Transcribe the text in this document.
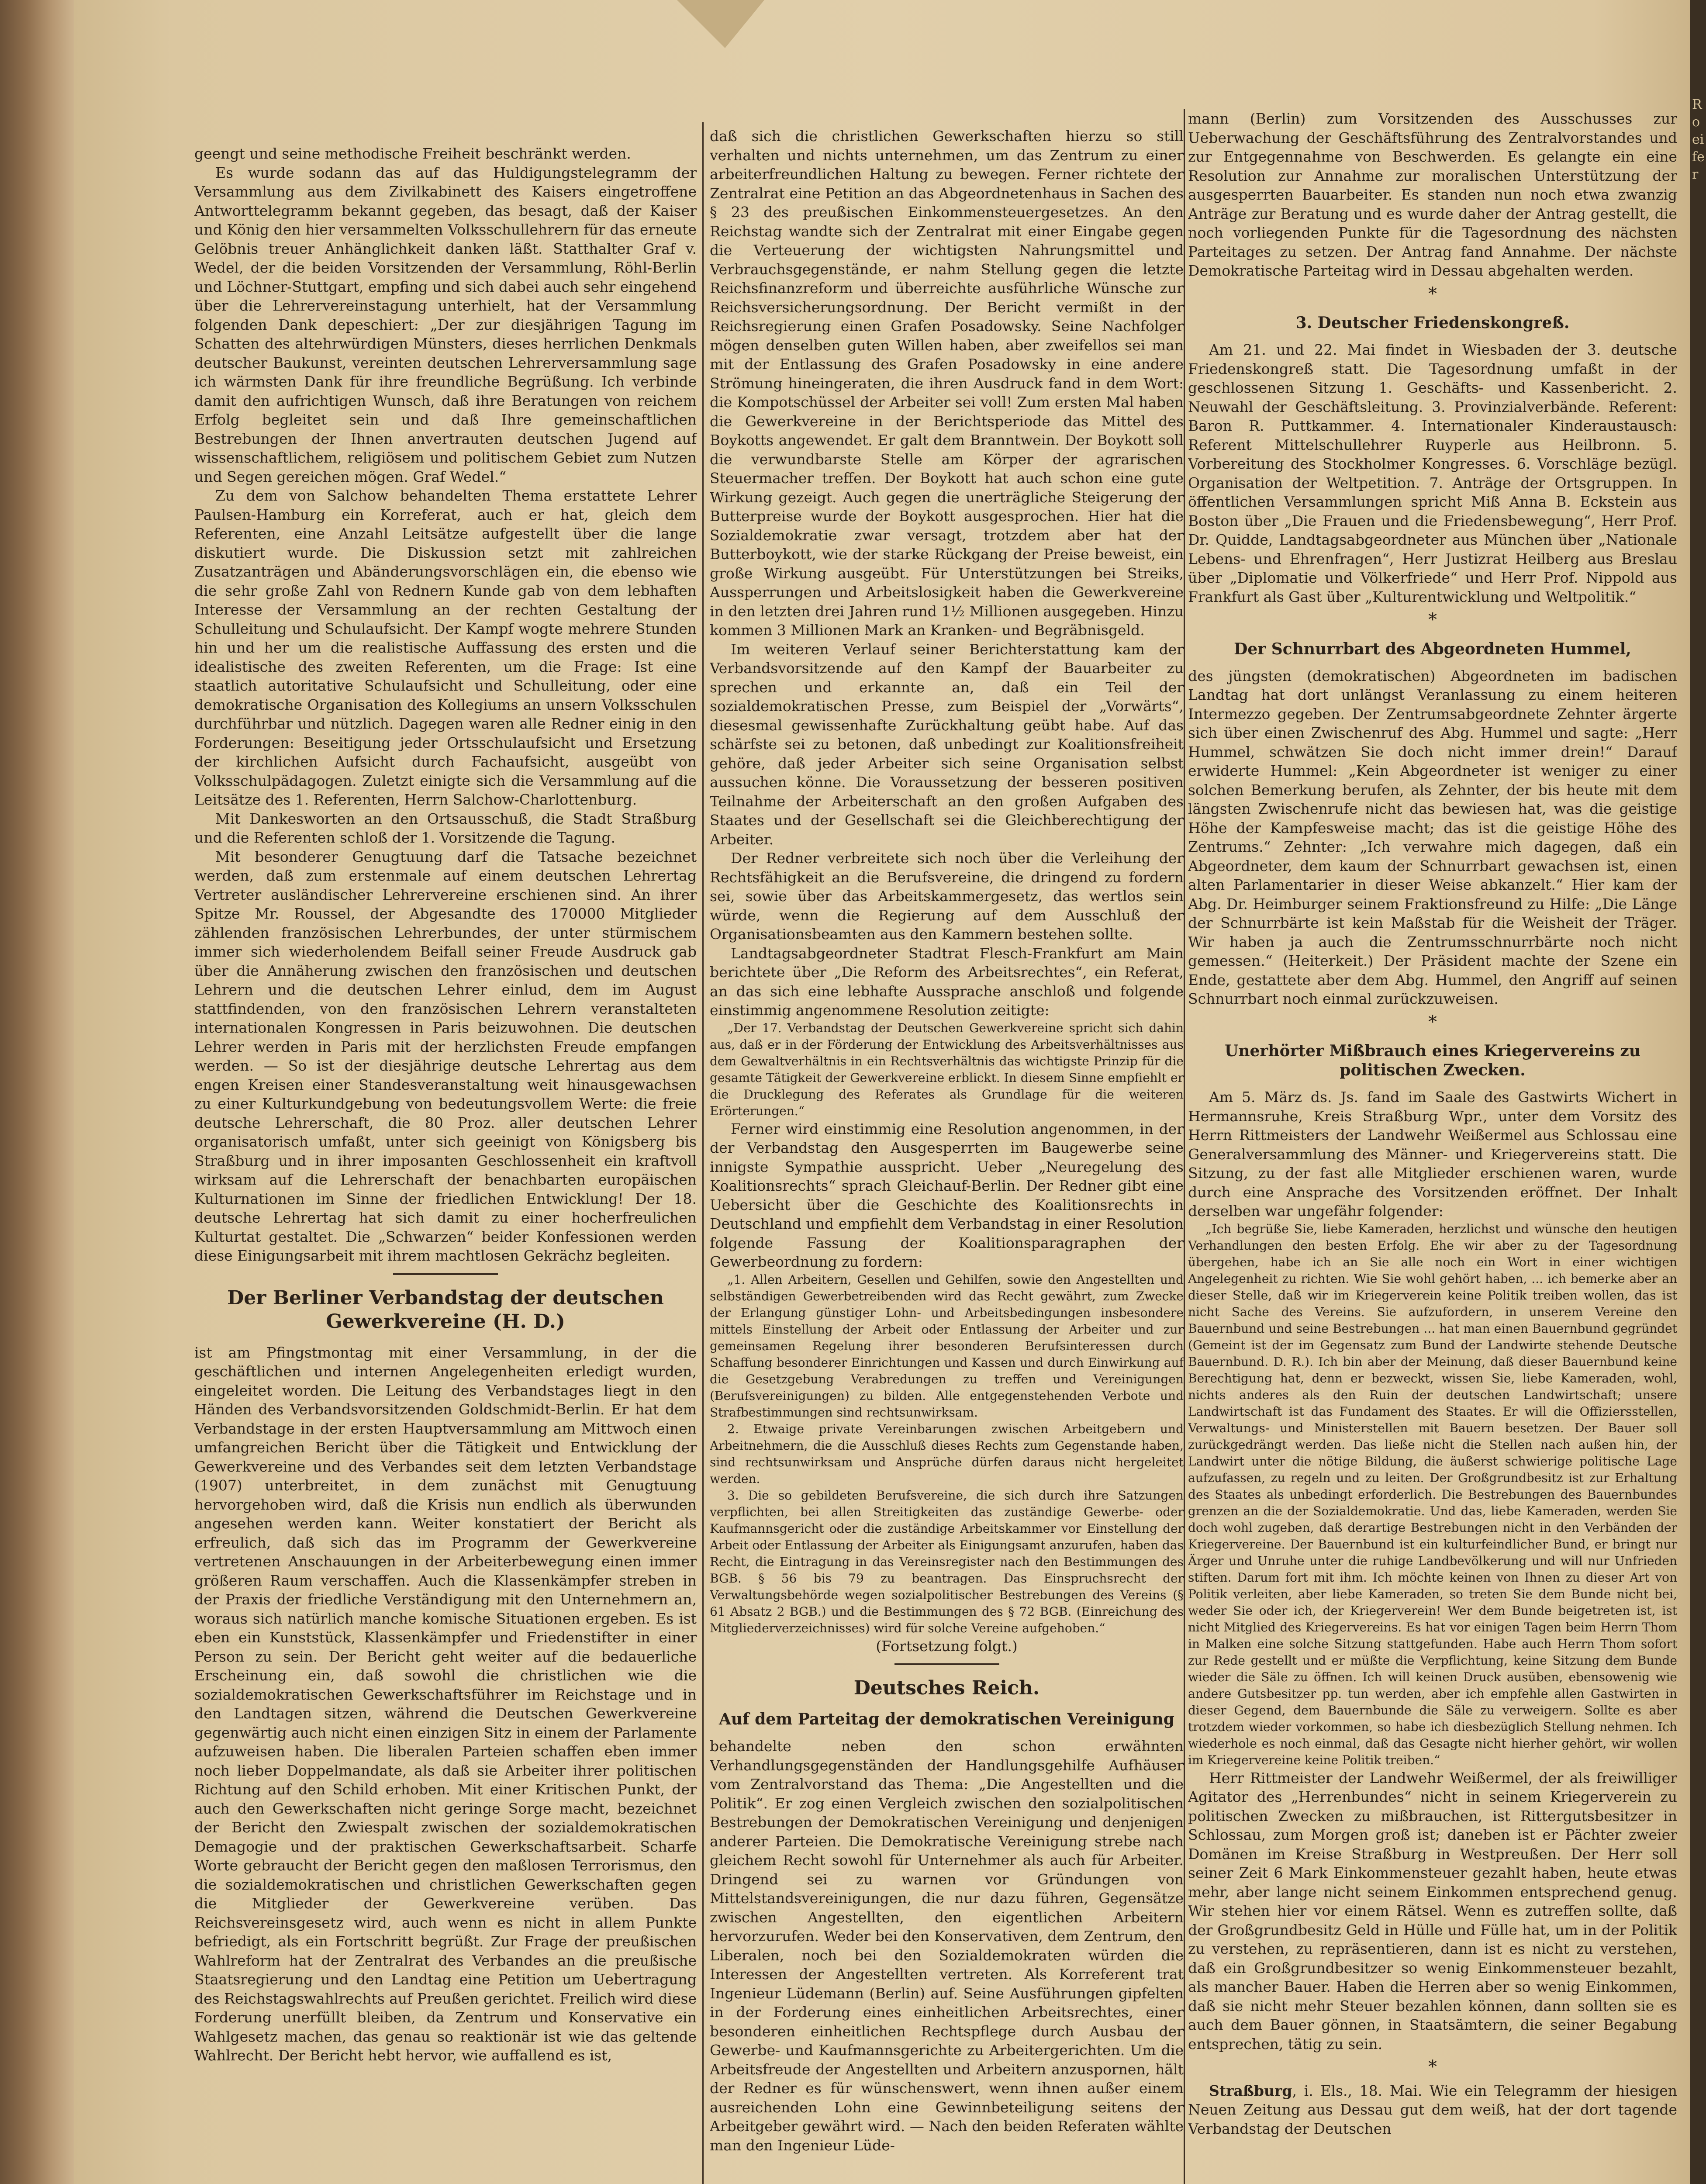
Ro ei fer

geengt und seine methodische Freiheit beschränkt werden.

Es wurde sodann das auf das Huldigungstelegramm der Versammlung aus dem Zivilkabinett des Kaisers eingetroffene Antworttelegramm bekannt gegeben, das besagt, daß der Kaiser und König den hier versammelten Volksschullehrern für das erneute Gelöbnis treuer Anhänglichkeit danken läßt. Statthalter Graf v. Wedel, der die beiden Vorsitzenden der Versammlung, Röhl-Berlin und Löchner-Stuttgart, empfing und sich dabei auch sehr eingehend über die Lehrervereinstagung unterhielt, hat der Versammlung folgenden Dank depeschiert: „Der zur diesjährigen Tagung im Schatten des altehrwürdigen Münsters, dieses herrlichen Denkmals deutscher Baukunst, vereinten deutschen Lehrerversammlung sage ich wärmsten Dank für ihre freundliche Begrüßung. Ich verbinde damit den aufrichtigen Wunsch, daß ihre Beratungen von reichem Erfolg begleitet sein und daß Ihre gemeinschaftlichen Bestrebungen der Ihnen anvertrauten deutschen Jugend auf wissenschaftlichem, religiösem und politischem Gebiet zum Nutzen und Segen gereichen mögen. Graf Wedel.“

Zu dem von Salchow behandelten Thema erstattete Lehrer Paulsen-Hamburg ein Korreferat, auch er hat, gleich dem Referenten, eine Anzahl Leitsätze aufgestellt über die lange diskutiert wurde. Die Diskussion setzt mit zahlreichen Zusatzanträgen und Abänderungsvorschlägen ein, die ebenso wie die sehr große Zahl von Rednern Kunde gab von dem lebhaften Interesse der Versammlung an der rechten Gestaltung der Schulleitung und Schulaufsicht. Der Kampf wogte mehrere Stunden hin und her um die realistische Auffassung des ersten und die idealistische des zweiten Referenten, um die Frage: Ist eine staatlich autoritative Schulaufsicht und Schulleitung, oder eine demokratische Organisation des Kollegiums an unsern Volksschulen durchführbar und nützlich. Dagegen waren alle Redner einig in den Forderungen: Beseitigung jeder Ortsschulaufsicht und Ersetzung der kirchlichen Aufsicht durch Fachaufsicht, ausgeübt von Volksschulpädagogen. Zuletzt einigte sich die Versammlung auf die Leitsätze des 1. Referenten, Herrn Salchow-Charlottenburg.

Mit Dankesworten an den Ortsausschuß, die Stadt Straßburg und die Referenten schloß der 1. Vorsitzende die Tagung.

Mit besonderer Genugtuung darf die Tatsache bezeichnet werden, daß zum erstenmale auf einem deutschen Lehrertag Vertreter ausländischer Lehrervereine erschienen sind. An ihrer Spitze Mr. Roussel, der Abgesandte des 170000 Mitglieder zählenden französischen Lehrerbundes, der unter stürmischem immer sich wiederholendem Beifall seiner Freude Ausdruck gab über die Annäherung zwischen den französischen und deutschen Lehrern und die deutschen Lehrer einlud, dem im August stattfindenden, von den französischen Lehrern veranstalteten internationalen Kongressen in Paris beizuwohnen. Die deutschen Lehrer werden in Paris mit der herzlichsten Freude empfangen werden. — So ist der diesjährige deutsche Lehrertag aus dem engen Kreisen einer Standesveranstaltung weit hinausgewachsen zu einer Kulturkundgebung von bedeutungsvollem Werte: die freie deutsche Lehrerschaft, die 80 Proz. aller deutschen Lehrer organisatorisch umfaßt, unter sich geeinigt von Königsberg bis Straßburg und in ihrer imposanten Geschlossenheit ein kraftvoll wirksam auf die Lehrerschaft der benachbarten europäischen Kulturnationen im Sinne der friedlichen Entwicklung! Der 18. deutsche Lehrertag hat sich damit zu einer hocherfreulichen Kulturtat gestaltet. Die „Schwarzen“ beider Konfessionen werden diese Einigungsarbeit mit ihrem machtlosen Gekrächz begleiten.

Der Berliner Verbandstag der deutschen Gewerkvereine (H. D.)

ist am Pfingstmontag mit einer Versammlung, in der die geschäftlichen und internen Angelegenheiten erledigt wurden, eingeleitet worden. Die Leitung des Verbandstages liegt in den Händen des Verbandsvorsitzenden Goldschmidt-Berlin. Er hat dem Verbandstage in der ersten Hauptversammlung am Mittwoch einen umfangreichen Bericht über die Tätigkeit und Entwicklung der Gewerkvereine und des Verbandes seit dem letzten Verbandstage (1907) unterbreitet, in dem zunächst mit Genugtuung hervorgehoben wird, daß die Krisis nun endlich als überwunden angesehen werden kann. Weiter konstatiert der Bericht als erfreulich, daß sich das im Programm der Gewerkvereine vertretenen Anschauungen in der Arbeiterbewegung einen immer größeren Raum verschaffen. Auch die Klassenkämpfer streben in der Praxis der friedliche Verständigung mit den Unternehmern an, woraus sich natürlich manche komische Situationen ergeben. Es ist eben ein Kunststück, Klassenkämpfer und Friedenstifter in einer Person zu sein. Der Bericht geht weiter auf die bedauerliche Erscheinung ein, daß sowohl die christlichen wie die sozialdemokratischen Gewerkschaftsführer im Reichstage und in den Landtagen sitzen, während die Deutschen Gewerkvereine gegenwärtig auch nicht einen einzigen Sitz in einem der Parlamente aufzuweisen haben. Die liberalen Parteien schaffen eben immer noch lieber Doppelmandate, als daß sie Arbeiter ihrer politischen Richtung auf den Schild erhoben. Mit einer Kritischen Punkt, der auch den Gewerkschaften nicht geringe Sorge macht, bezeichnet der Bericht den Zwiespalt zwischen der sozialdemokratischen Demagogie und der praktischen Gewerkschaftsarbeit. Scharfe Worte gebraucht der Bericht gegen den maßlosen Terrorismus, den die sozialdemokratischen und christlichen Gewerkschaften gegen die Mitglieder der Gewerkvereine verüben. Das Reichsvereinsgesetz wird, auch wenn es nicht in allem Punkte befriedigt, als ein Fortschritt begrüßt. Zur Frage der preußischen Wahlreform hat der Zentralrat des Verbandes an die preußische Staatsregierung und den Landtag eine Petition um Uebertragung des Reichstagswahlrechts auf Preußen gerichtet. Freilich wird diese Forderung unerfüllt bleiben, da Zentrum und Konservative ein Wahlgesetz machen, das genau so reaktionär ist wie das geltende Wahlrecht. Der Bericht hebt hervor, wie auffallend es ist,

daß sich die christlichen Gewerkschaften hierzu so still verhalten und nichts unternehmen, um das Zentrum zu einer arbeiterfreundlichen Haltung zu bewegen. Ferner richtete der Zentralrat eine Petition an das Abgeordnetenhaus in Sachen des § 23 des preußischen Einkommensteuergesetzes. An den Reichstag wandte sich der Zentralrat mit einer Eingabe gegen die Verteuerung der wichtigsten Nahrungsmittel und Verbrauchsgegenstände, er nahm Stellung gegen die letzte Reichsfinanzreform und überreichte ausführliche Wünsche zur Reichsversicherungsordnung. Der Bericht vermißt in der Reichsregierung einen Grafen Posadowsky. Seine Nachfolger mögen denselben guten Willen haben, aber zweifellos sei man mit der Entlassung des Grafen Posadowsky in eine andere Strömung hineingeraten, die ihren Ausdruck fand in dem Wort: die Kompotschüssel der Arbeiter sei voll! Zum ersten Mal haben die Gewerkvereine in der Berichtsperiode das Mittel des Boykotts angewendet. Er galt dem Branntwein. Der Boykott soll die verwundbarste Stelle am Körper der agrarischen Steuermacher treffen. Der Boykott hat auch schon eine gute Wirkung gezeigt. Auch gegen die unerträgliche Steigerung der Butterpreise wurde der Boykott ausgesprochen. Hier hat die Sozialdemokratie zwar versagt, trotzdem aber hat der Butterboykott, wie der starke Rückgang der Preise beweist, ein große Wirkung ausgeübt. Für Unterstützungen bei Streiks, Aussperrungen und Arbeitslosigkeit haben die Gewerkvereine in den letzten drei Jahren rund 1½ Millionen ausgegeben. Hinzu kommen 3 Millionen Mark an Kranken- und Begräbnisgeld.

Im weiteren Verlauf seiner Berichterstattung kam der Verbandsvorsitzende auf den Kampf der Bauarbeiter zu sprechen und erkannte an, daß ein Teil der sozialdemokratischen Presse, zum Beispiel der „Vorwärts“, diesesmal gewissenhafte Zurückhaltung geübt habe. Auf das schärfste sei zu betonen, daß unbedingt zur Koalitionsfreiheit gehöre, daß jeder Arbeiter sich seine Organisation selbst aussuchen könne. Die Voraussetzung der besseren positiven Teilnahme der Arbeiterschaft an den großen Aufgaben des Staates und der Gesellschaft sei die Gleichberechtigung der Arbeiter.

Der Redner verbreitete sich noch über die Verleihung der Rechtsfähigkeit an die Berufsvereine, die dringend zu fordern sei, sowie über das Arbeitskammergesetz, das wertlos sein würde, wenn die Regierung auf dem Ausschluß der Organisationsbeamten aus den Kammern bestehen sollte.

Landtagsabgeordneter Stadtrat Flesch-Frankfurt am Main berichtete über „Die Reform des Arbeitsrechtes“, ein Referat, an das sich eine lebhafte Aussprache anschloß und folgende einstimmig angenommene Resolution zeitigte:

„Der 17. Verbandstag der Deutschen Gewerkvereine spricht sich dahin aus, daß er in der Förderung der Entwicklung des Arbeitsverhältnisses aus dem Gewaltverhältnis in ein Rechtsverhältnis das wichtigste Prinzip für die gesamte Tätigkeit der Gewerkvereine erblickt. In diesem Sinne empfiehlt er die Drucklegung des Referates als Grundlage für die weiteren Erörterungen.“

Ferner wird einstimmig eine Resolution angenommen, in der der Verbandstag den Ausgesperrten im Baugewerbe seine innigste Sympathie ausspricht. Ueber „Neuregelung des Koalitionsrechts“ sprach Gleichauf-Berlin. Der Redner gibt eine Uebersicht über die Geschichte des Koalitionsrechts in Deutschland und empfiehlt dem Verbandstag in einer Resolution folgende Fassung der Koalitionsparagraphen der Gewerbeordnung zu fordern:

„1. Allen Arbeitern, Gesellen und Gehilfen, sowie den Angestellten und selbständigen Gewerbetreibenden wird das Recht gewährt, zum Zwecke der Erlangung günstiger Lohn- und Arbeitsbedingungen insbesondere mittels Einstellung der Arbeit oder Entlassung der Arbeiter und zur gemeinsamen Regelung ihrer besonderen Berufsinteressen durch Schaffung besonderer Einrichtungen und Kassen und durch Einwirkung auf die Gesetzgebung Verabredungen zu treffen und Vereinigungen (Berufsvereinigungen) zu bilden. Alle entgegenstehenden Verbote und Strafbestimmungen sind rechtsunwirksam.

2. Etwaige private Vereinbarungen zwischen Arbeitgebern und Arbeitnehmern, die die Ausschluß dieses Rechts zum Gegenstande haben, sind rechtsunwirksam und Ansprüche dürfen daraus nicht hergeleitet werden.

3. Die so gebildeten Berufsvereine, die sich durch ihre Satzungen verpflichten, bei allen Streitigkeiten das zuständige Gewerbe- oder Kaufmannsgericht oder die zuständige Arbeitskammer vor Einstellung der Arbeit oder Entlassung der Arbeiter als Einigungsamt anzurufen, haben das Recht, die Eintragung in das Vereinsregister nach den Bestimmungen des BGB. § 56 bis 79 zu beantragen. Das Einspruchsrecht der Verwaltungsbehörde wegen sozialpolitischer Bestrebungen des Vereins (§ 61 Absatz 2 BGB.) und die Bestimmungen des § 72 BGB. (Einreichung des Mitgliederverzeichnisses) wird für solche Vereine aufgehoben.“

(Fortsetzung folgt.)

Deutsches Reich.
Auf dem Parteitag der demokratischen Vereinigung

behandelte neben den schon erwähnten Verhandlungsgegenständen der Handlungsgehilfe Aufhäuser vom Zentralvorstand das Thema: „Die Angestellten und die Politik“. Er zog einen Vergleich zwischen den sozialpolitischen Bestrebungen der Demokratischen Vereinigung und denjenigen anderer Parteien. Die Demokratische Vereinigung strebe nach gleichem Recht sowohl für Unternehmer als auch für Arbeiter. Dringend sei zu warnen vor Gründungen von Mittelstandsvereinigungen, die nur dazu führen, Gegensätze zwischen Angestellten, den eigentlichen Arbeitern hervorzurufen. Weder bei den Konservativen, dem Zentrum, den Liberalen, noch bei den Sozialdemokraten würden die Interessen der Angestellten vertreten. Als Korreferent trat Ingenieur Lüdemann (Berlin) auf. Seine Ausführungen gipfelten in der Forderung eines einheitlichen Arbeitsrechtes, einer besonderen einheitlichen Rechtspflege durch Ausbau der Gewerbe- und Kaufmannsgerichte zu Arbeitergerichten. Um die Arbeitsfreude der Angestellten und Arbeitern anzuspornen, hält der Redner es für wünschenswert, wenn ihnen außer einem ausreichenden Lohn eine Gewinnbeteiligung seitens der Arbeitgeber gewährt wird. — Nach den beiden Referaten wählte man den Ingenieur Lüde-

mann (Berlin) zum Vorsitzenden des Ausschusses zur Ueberwachung der Geschäftsführung des Zentralvorstandes und zur Entgegennahme von Beschwerden. Es gelangte ein eine Resolution zur Annahme zur moralischen Unterstützung der ausgesperrten Bauarbeiter. Es standen nun noch etwa zwanzig Anträge zur Beratung und es wurde daher der Antrag gestellt, die noch vorliegenden Punkte für die Tagesordnung des nächsten Parteitages zu setzen. Der Antrag fand Annahme. Der nächste Demokratische Parteitag wird in Dessau abgehalten werden.

*
3. Deutscher Friedenskongreß.

Am 21. und 22. Mai findet in Wiesbaden der 3. deutsche Friedenskongreß statt. Die Tagesordnung umfaßt in der geschlossenen Sitzung 1. Geschäfts- und Kassenbericht. 2. Neuwahl der Geschäftsleitung. 3. Provinzialverbände. Referent: Baron R. Puttkammer. 4. Internationaler Kinderaustausch: Referent Mittelschullehrer Ruyperle aus Heilbronn. 5. Vorbereitung des Stockholmer Kongresses. 6. Vorschläge bezügl. Organisation der Weltpetition. 7. Anträge der Ortsgruppen. In öffentlichen Versammlungen spricht Miß Anna B. Eckstein aus Boston über „Die Frauen und die Friedensbewegung“, Herr Prof. Dr. Quidde, Landtagsabgeordneter aus München über „Nationale Lebens- und Ehrenfragen“, Herr Justizrat Heilberg aus Breslau über „Diplomatie und Völkerfriede“ und Herr Prof. Nippold aus Frankfurt als Gast über „Kulturentwicklung und Weltpolitik.“

*
Der Schnurrbart des Abgeordneten Hummel,

des jüngsten (demokratischen) Abgeordneten im badischen Landtag hat dort unlängst Veranlassung zu einem heiteren Intermezzo gegeben. Der Zentrumsabgeordnete Zehnter ärgerte sich über einen Zwischenruf des Abg. Hummel und sagte: „Herr Hummel, schwätzen Sie doch nicht immer drein!“ Darauf erwiderte Hummel: „Kein Abgeordneter ist weniger zu einer solchen Bemerkung berufen, als Zehnter, der bis heute mit dem längsten Zwischenrufe nicht das bewiesen hat, was die geistige Höhe der Kampfesweise macht; das ist die geistige Höhe des Zentrums.“ Zehnter: „Ich verwahre mich dagegen, daß ein Abgeordneter, dem kaum der Schnurrbart gewachsen ist, einen alten Parlamentarier in dieser Weise abkanzelt.“ Hier kam der Abg. Dr. Heimburger seinem Fraktionsfreund zu Hilfe: „Die Länge der Schnurrbärte ist kein Maßstab für die Weisheit der Träger. Wir haben ja auch die Zentrumsschnurrbärte noch nicht gemessen.“ (Heiterkeit.) Der Präsident machte der Szene ein Ende, gestattete aber dem Abg. Hummel, den Angriff auf seinen Schnurrbart noch einmal zurückzuweisen.

*
Unerhörter Mißbrauch eines Kriegervereins zu politischen Zwecken.

Am 5. März ds. Js. fand im Saale des Gastwirts Wichert in Hermannsruhe, Kreis Straßburg Wpr., unter dem Vorsitz des Herrn Rittmeisters der Landwehr Weißermel aus Schlossau eine Generalversammlung des Männer- und Kriegervereins statt. Die Sitzung, zu der fast alle Mitglieder erschienen waren, wurde durch eine Ansprache des Vorsitzenden eröffnet. Der Inhalt derselben war ungefähr folgender:

„Ich begrüße Sie, liebe Kameraden, herzlichst und wünsche den heutigen Verhandlungen den besten Erfolg. Ehe wir aber zu der Tagesordnung übergehen, habe ich an Sie alle noch ein Wort in einer wichtigen Angelegenheit zu richten. Wie Sie wohl gehört haben, ... ich bemerke aber an dieser Stelle, daß wir im Kriegerverein keine Politik treiben wollen, das ist nicht Sache des Vereins. Sie aufzufordern, in unserem Vereine den Bauernbund und seine Bestrebungen ... hat man einen Bauernbund gegründet (Gemeint ist der im Gegensatz zum Bund der Landwirte stehende Deutsche Bauernbund. D. R.). Ich bin aber der Meinung, daß dieser Bauernbund keine Berechtigung hat, denn er bezweckt, wissen Sie, liebe Kameraden, wohl, nichts anderes als den Ruin der deutschen Landwirtschaft; unsere Landwirtschaft ist das Fundament des Staates. Er will die Offiziersstellen, Verwaltungs- und Ministerstellen mit Bauern besetzen. Der Bauer soll zurückgedrängt werden. Das ließe nicht die Stellen nach außen hin, der Landwirt unter die nötige Bildung, die äußerst schwierige politische Lage aufzufassen, zu regeln und zu leiten. Der Großgrundbesitz ist zur Erhaltung des Staates als unbedingt erforderlich. Die Bestrebungen des Bauernbundes grenzen an die der Sozialdemokratie. Und das, liebe Kameraden, werden Sie doch wohl zugeben, daß derartige Bestrebungen nicht in den Verbänden der Kriegervereine. Der Bauernbund ist ein kulturfeindlicher Bund, er bringt nur Ärger und Unruhe unter die ruhige Landbevölkerung und will nur Unfrieden stiften. Darum fort mit ihm. Ich möchte keinen von Ihnen zu dieser Art von Politik verleiten, aber liebe Kameraden, so treten Sie dem Bunde nicht bei, weder Sie oder ich, der Kriegerverein! Wer dem Bunde beigetreten ist, ist nicht Mitglied des Kriegervereins. Es hat vor einigen Tagen beim Herrn Thom in Malken eine solche Sitzung stattgefunden. Habe auch Herrn Thom sofort zur Rede gestellt und er müßte die Verpflichtung, keine Sitzung dem Bunde wieder die Säle zu öffnen. Ich will keinen Druck ausüben, ebensowenig wie andere Gutsbesitzer pp. tun werden, aber ich empfehle allen Gastwirten in dieser Gegend, dem Bauernbunde die Säle zu verweigern. Sollte es aber trotzdem wieder vorkommen, so habe ich diesbezüglich Stellung nehmen. Ich wiederhole es noch einmal, daß das Gesagte nicht hierher gehört, wir wollen im Kriegervereine keine Politik treiben.“

Herr Rittmeister der Landwehr Weißermel, der als freiwilliger Agitator des „Herrenbundes“ nicht in seinem Kriegerverein zu politischen Zwecken zu mißbrauchen, ist Rittergutsbesitzer in Schlossau, zum Morgen groß ist; daneben ist er Pächter zweier Domänen im Kreise Straßburg in Westpreußen. Der Herr soll seiner Zeit 6 Mark Einkommensteuer gezahlt haben, heute etwas mehr, aber lange nicht seinem Einkommen entsprechend genug. Wir stehen hier vor einem Rätsel. Wenn es zutreffen sollte, daß der Großgrundbesitz Geld in Hülle und Fülle hat, um in der Politik zu verstehen, zu repräsentieren, dann ist es nicht zu verstehen, daß ein Großgrundbesitzer so wenig Einkommensteuer bezahlt, als mancher Bauer. Haben die Herren aber so wenig Einkommen, daß sie nicht mehr Steuer bezahlen können, dann sollten sie es auch dem Bauer gönnen, in Staatsämtern, die seiner Begabung entsprechen, tätig zu sein.

*

Straßburg, i. Els., 18. Mai. Wie ein Telegramm der hiesigen Neuen Zeitung aus Dessau gut dem weiß, hat der dort tagende Verbandstag der Deutschen
